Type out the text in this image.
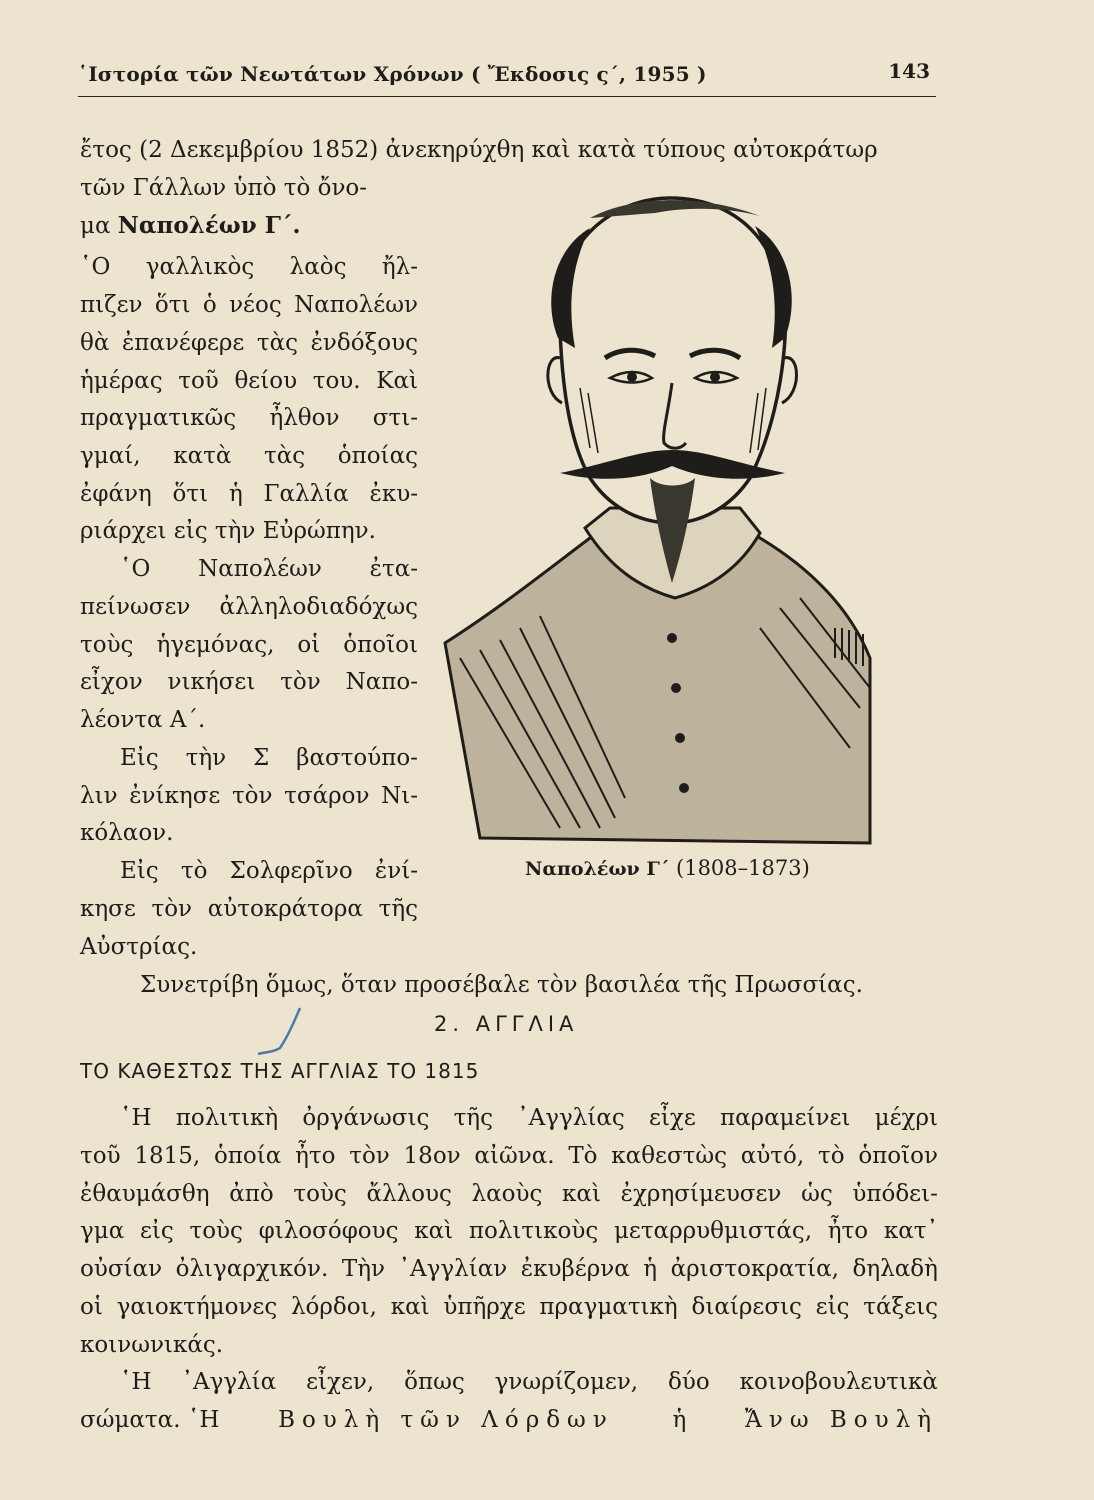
῾Ιστορία τῶν Νεωτάτων Χρόνων ( Ἔκδοσις ς΄, 1955 )	143
ἔτος (2 Δεκεμβρίου 1852) ἀνεκηρύχθη καὶ κατὰ τύπους αὐτοκράτωρ
τῶν Γάλλων ὑπὸ τὸ ὄνο-
μα Ναπολέων Γ΄.
῾Ο γαλλικὸς λαὸς ἤλ-
πιζεν ὅτι ὁ νέος Ναπολέων
θὰ ἐπανέφερε τὰς ἐνδόξους
ἡμέρας τοῦ θείου του. Καὶ
πραγματικῶς ἦλθον στι-
γμαί, κατὰ τὰς ὁποίας
ἐφάνη ὅτι ἡ Γαλλία ἐκυ-
ριάρχει εἰς τὴν Εὐρώπην.
῾Ο Ναπολέων ἐτα-
πείνωσεν ἀλληλοδιαδόχως
τοὺς ἡγεμόνας, οἱ ὁποῖοι
εἶχον νικήσει τὸν Ναπο-
λέοντα Α΄.
Εἰς τὴν Σ βαστούπο-
λιν ἐνίκησε τὸν τσάρον Νι-
κόλαον.
Εἰς τὸ Σολφερῖνο ἐνί-
κησε τὸν αὐτοκράτορα τῆς
Αὐστρίας.
Συνετρίβη ὅμως, ὅταν προσέβαλε τὸν βασιλέα τῆς Πρωσσίας.
Ναπολέων Γ΄ (1808–1873)
2. ΑΓΓΛΙΑ
ΤΟ ΚΑΘΕΣΤΩΣ ΤΗΣ ΑΓΓΛΙΑΣ ΤΟ 1815
῾Η πολιτικὴ ὀργάνωσις τῆς ᾿Αγγλίας εἶχε παραμείνει μέχρι
τοῦ 1815, ὁποία ἦτο τὸν 18ον αἰῶνα. Τὸ καθεστὼς αὐτό, τὸ ὁποῖον
ἐθαυμάσθη ἀπὸ τοὺς ἄλλους λαοὺς καὶ ἐχρησίμευσεν ὡς ὑπόδει-
γμα εἰς τοὺς φιλοσόφους καὶ πολιτικοὺς μεταρρυθμιστάς, ἦτο κατ᾿
οὐσίαν ὀλιγαρχικόν. Τὴν ᾿Αγγλίαν ἐκυβέρνα ἡ ἀριστοκρατία, δηλαδὴ
οἱ γαιοκτήμονες λόρδοι, καὶ ὑπῆρχε πραγματικὴ διαίρεσις εἰς τάξεις
κοινωνικάς.
῾Η ᾿Αγγλία εἶχεν, ὅπως γνωρίζομεν, δύο κοινοβουλευτικὰ
σώματα. ῾Η	Βουλὴ τῶν Λόρδων	ἡ	Ἄνω Βουλὴ
